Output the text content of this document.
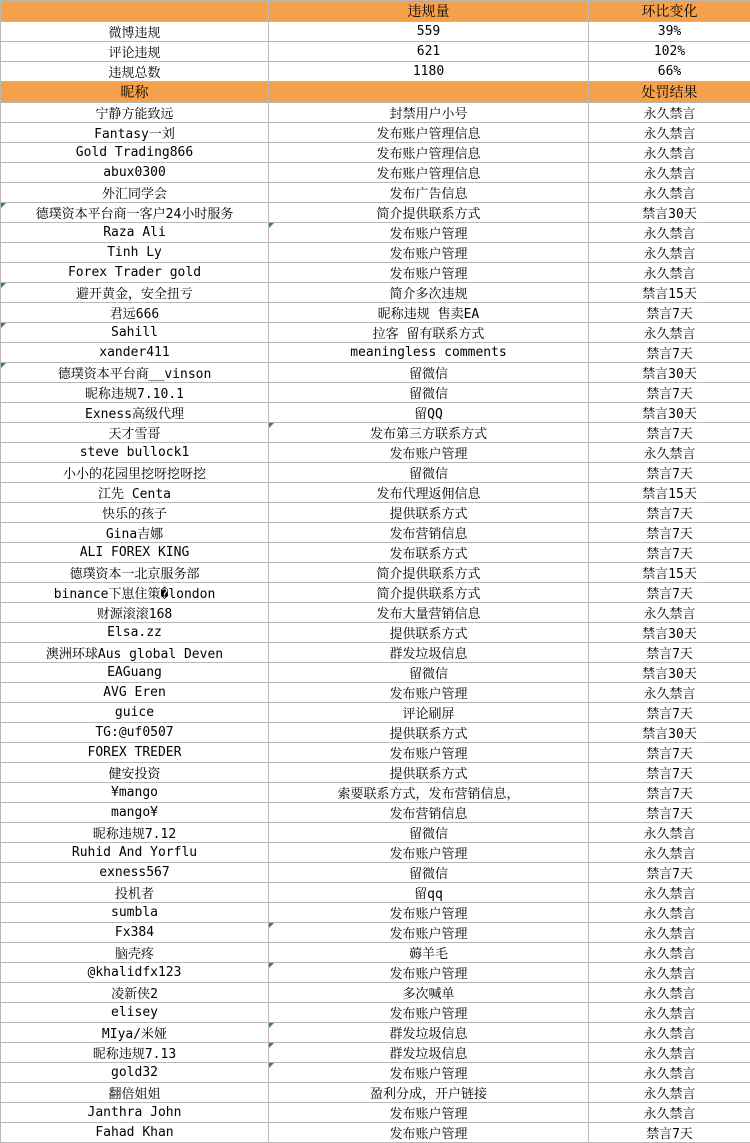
	违规量	环比变化
微博违规	559	39%
评论违规	621	102%
违规总数	1180	66%
昵称		处罚结果
宁静方能致远	封禁用户小号	永久禁言
Fantasy一刘	发布账户管理信息	永久禁言
Gold Trading866	发布账户管理信息	永久禁言
abux0300	发布账户管理信息	永久禁言
外汇同学会	发布广告信息	永久禁言
德璞资本平台商一客户24小时服务	简介提供联系方式	禁言30天
Raza Ali	发布账户管理	永久禁言
Tinh Ly	发布账户管理	永久禁言
Forex Trader gold	发布账户管理	永久禁言
避开黄金，安全扭亏	简介多次违规	禁言15天
君远666	昵称违规 售卖EA	禁言7天
Sahill	拉客 留有联系方式	永久禁言
xander411	meaningless comments	禁言7天
德璞资本平台商__vinson	留微信	禁言30天
昵称违规7.10.1	留微信	禁言7天
Exness高级代理	留QQ	禁言30天
天才雪哥	发布第三方联系方式	禁言7天
steve bullock1	发布账户管理	永久禁言
小小的花园里挖呀挖呀挖	留微信	禁言7天
江先 Centa	发布代理返佣信息	禁言15天
快乐的孩子	提供联系方式	禁言7天
Gina吉娜	发布营销信息	禁言7天
ALI FOREX KING	发布联系方式	禁言7天
德璞资本一北京服务部	简介提供联系方式	禁言15天
binance下崽住策�london	简介提供联系方式	禁言7天
财源滚滚168	发布大量营销信息	永久禁言
Elsa.zz	提供联系方式	禁言30天
澳洲环球Aus global Deven	群发垃圾信息	禁言7天
EAGuang	留微信	禁言30天
AVG Eren	发布账户管理	永久禁言
guice	评论刷屏	禁言7天
TG:@uf0507	提供联系方式	禁言30天
FOREX TREDER	发布账户管理	禁言7天
健安投资	提供联系方式	禁言7天
¥mango	索要联系方式，发布营销信息，	禁言7天
mango¥	发布营销信息	禁言7天
昵称违规7.12	留微信	永久禁言
Ruhid And Yorflu	发布账户管理	永久禁言
exness567	留微信	禁言7天
投机者	留qq	永久禁言
sumbla	发布账户管理	永久禁言
Fx384	发布账户管理	永久禁言
脑壳疼	薅羊毛	永久禁言
@khalidfx123	发布账户管理	永久禁言
凌新侠2	多次喊单	永久禁言
elisey	发布账户管理	永久禁言
MIya/米娅	群发垃圾信息	永久禁言
昵称违规7.13	群发垃圾信息	永久禁言
gold32	发布账户管理	永久禁言
翻倍姐姐	盈利分成，开户链接	永久禁言
Janthra John	发布账户管理	永久禁言
Fahad Khan	发布账户管理	禁言7天
